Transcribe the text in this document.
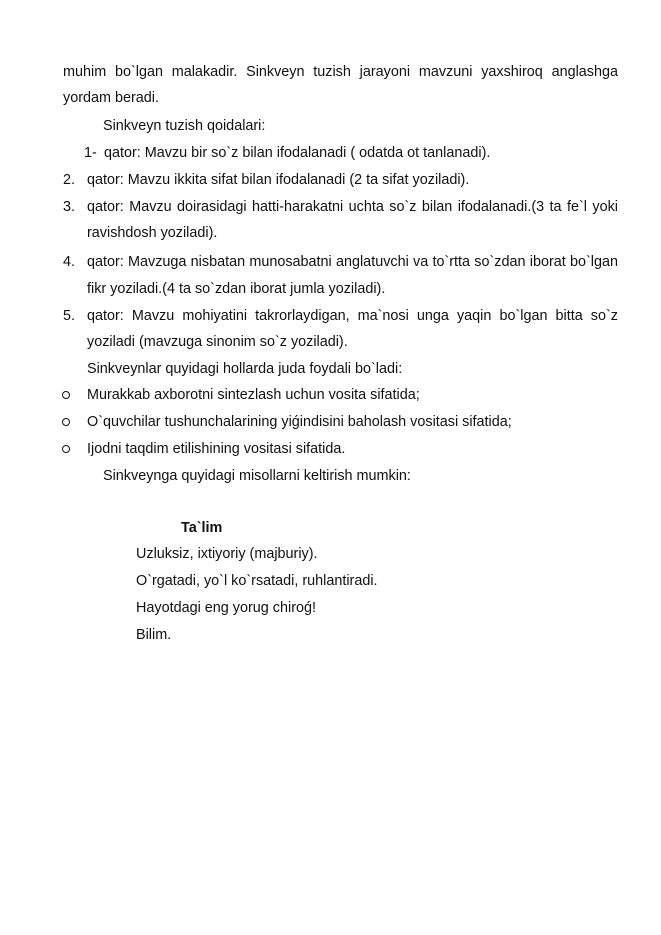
muhim bo`lgan malakadir. Sinkveyn tuzish jarayoni mavzuni yaxshiroq anglashga
yordam beradi.
Sinkveyn tuzish qoidalari:
1- qator: Mavzu bir so`z bilan ifodalanadi ( odatda ot tanlanadi).
2. qator: Mavzu ikkita sifat bilan ifodalanadi (2 ta sifat yoziladi).
3. qator: Mavzu doirasidagi hatti-harakatni uchta so`z bilan ifodalanadi.(3 ta fe`l yoki
ravishdosh yoziladi).
4. qator: Mavzuga nisbatan munosabatni anglatuvchi va to`rtta so`zdan iborat bo`lgan
fikr yoziladi.(4 ta so`zdan iborat jumla yoziladi).
5. qator: Mavzu mohiyatini takrorlaydigan, ma`nosi unga yaqin bo`lgan bitta so`z
yoziladi (mavzuga sinonim so`z yoziladi).
Sinkveynlar quyidagi hollarda juda foydali bo`ladi:
Murakkab axborotni sintezlash uchun vosita sifatida;
O`quvchilar tushunchalarining yiǵindisini baholash vositasi sifatida;
Ijodni taqdim etilishining vositasi sifatida.
Sinkveynga quyidagi misollarni keltirish mumkin:
Ta`lim
Uzluksiz, ixtiyoriy (majburiy).
O`rgatadi, yo`l ko`rsatadi, ruhlantiradi.
Hayotdagi eng yorug chiroǵ!
Bilim.
